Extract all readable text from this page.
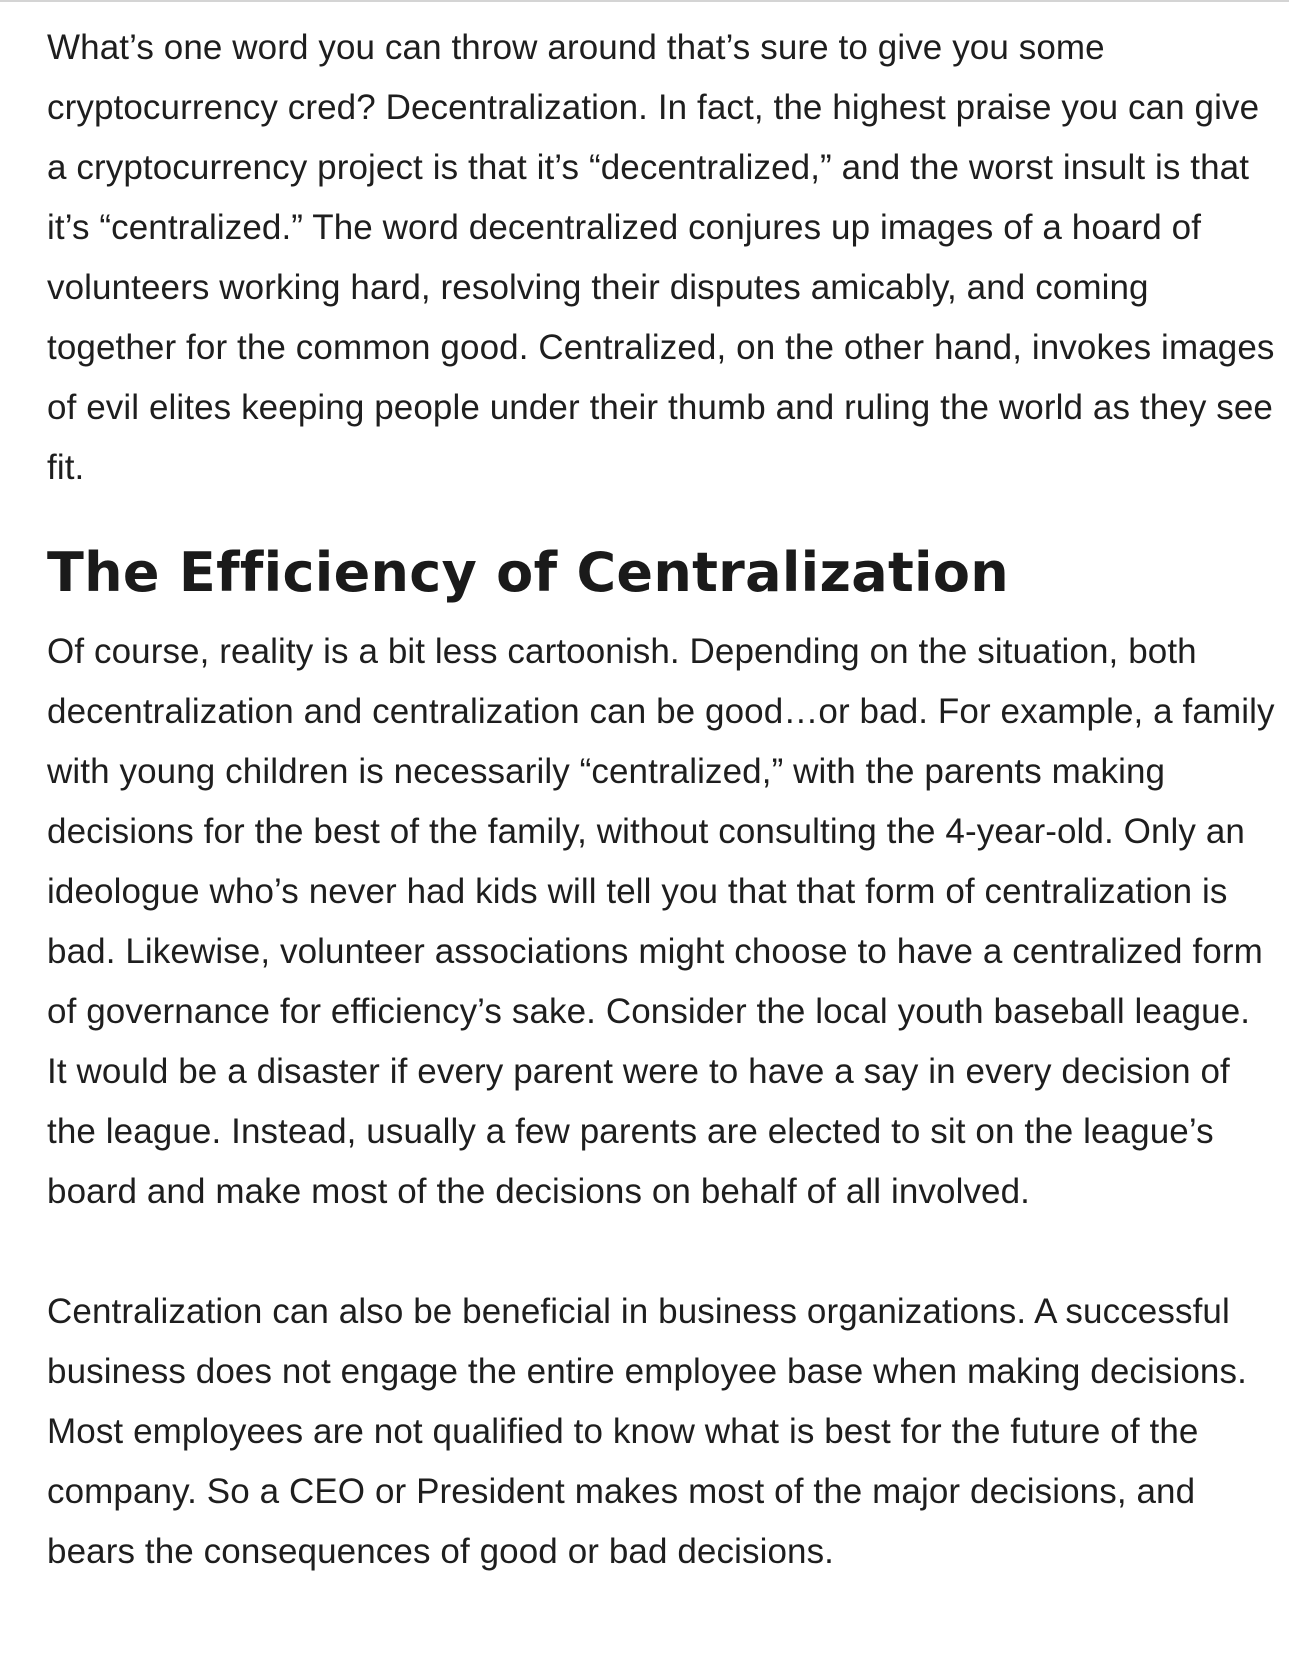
What’s one word you can throw around that’s sure to give you some cryptocurrency cred? Decentralization. In fact, the highest praise you can give a cryptocurrency project is that it’s “decentralized,” and the worst insult is that it’s “centralized.” The word decentralized conjures up images of a hoard of volunteers working hard, resolving their disputes amicably, and coming together for the common good. Centralized, on the other hand, invokes images of evil elites keeping people under their thumb and ruling the world as they see fit.

The Efficiency of Centralization

Of course, reality is a bit less cartoonish. Depending on the situation, both decentralization and centralization can be good…or bad. For example, a family with young children is necessarily “centralized,” with the parents making decisions for the best of the family, without consulting the 4-year-old. Only an ideologue who’s never had kids will tell you that that form of centralization is bad. Likewise, volunteer associations might choose to have a centralized form of governance for efficiency’s sake. Consider the local youth baseball league. It would be a disaster if every parent were to have a say in every decision of the league. Instead, usually a few parents are elected to sit on the league’s board and make most of the decisions on behalf of all involved.

Centralization can also be beneficial in business organizations. A successful business does not engage the entire employee base when making decisions. Most employees are not qualified to know what is best for the future of the company. So a CEO or President makes most of the major decisions, and bears the consequences of good or bad decisions.
